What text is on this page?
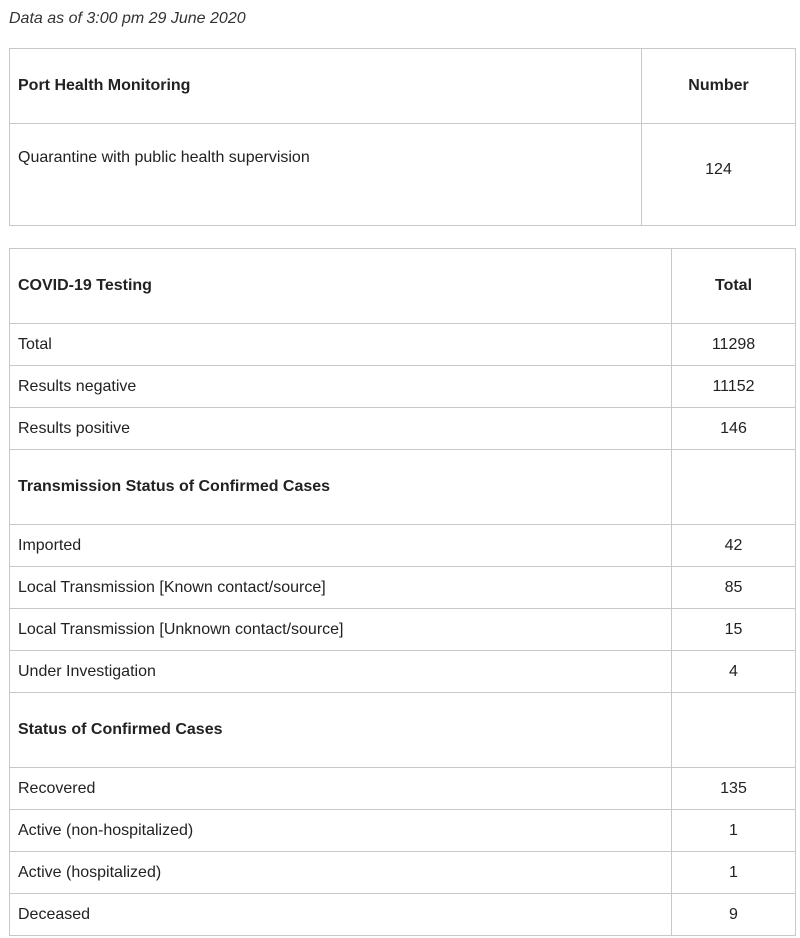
Data as of 3:00 pm 29 June 2020
Port Health Monitoring	Number
Quarantine with public health supervision	124
COVID-19 Testing	Total
Total	11298
Results negative	11152
Results positive	146
Transmission Status of Confirmed Cases	
Imported	42
Local Transmission [Known contact/source]	85
Local Transmission [Unknown contact/source]	15
Under Investigation	4
Status of Confirmed Cases	
Recovered	135
Active (non-hospitalized)	1
Active (hospitalized)	1
Deceased	9
